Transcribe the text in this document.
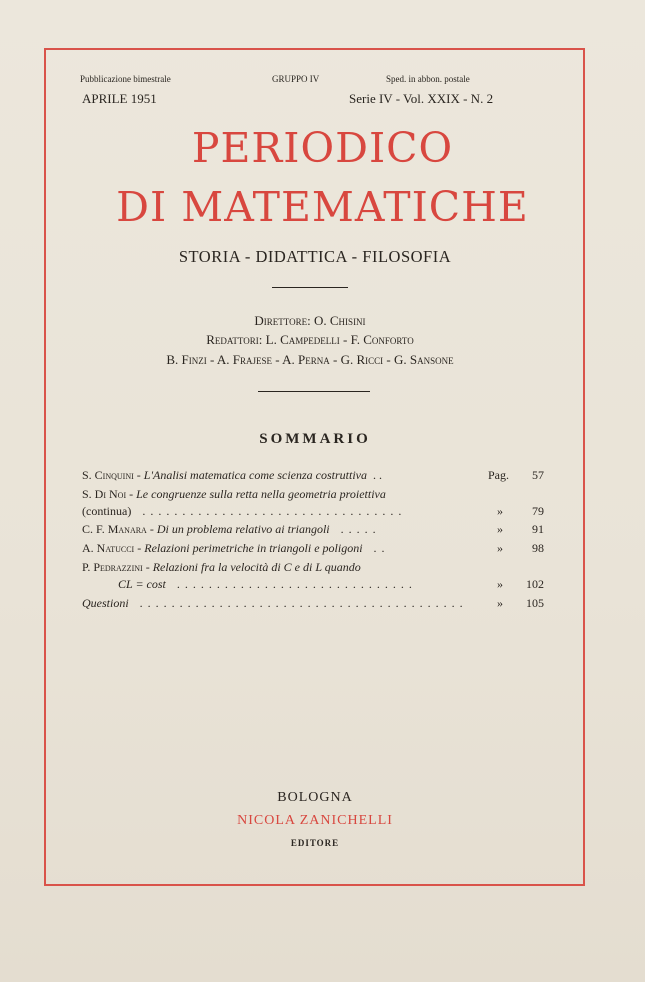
Pubblicazione bimestrale	GRUPPO IV	Sped. in abbon. postale
APRILE 1951	Serie IV - Vol. XXIX - N. 2
PERIODICO
DI MATEMATICHE
STORIA - DIDATTICA - FILOSOFIA
Direttore: O. Chisini
Redattori: L. Campedelli - F. Conforto
B. Finzi - A. Frajese - A. Perna - G. Ricci - G. Sansone
SOMMARIO
S. Cinquini - L'Analisi matematica come scienza costruttiva  . .	Pag. 57
S. Di Noi - Le congruenze sulla retta nella geometria proiettiva
(continua)  .................................	» 79
C. F. Manara - Di un problema relativo ai triangoli  .....	» 91
A. Natucci - Relazioni perimetriche in triangoli e poligoni  ..	» 98
P. Pedrazzini - Relazioni fra la velocità di C e di L quando
CL = cost  ..............................	» 102
Questioni  ......................................... » 105
BOLOGNA
NICOLA ZANICHELLI
EDITORE
